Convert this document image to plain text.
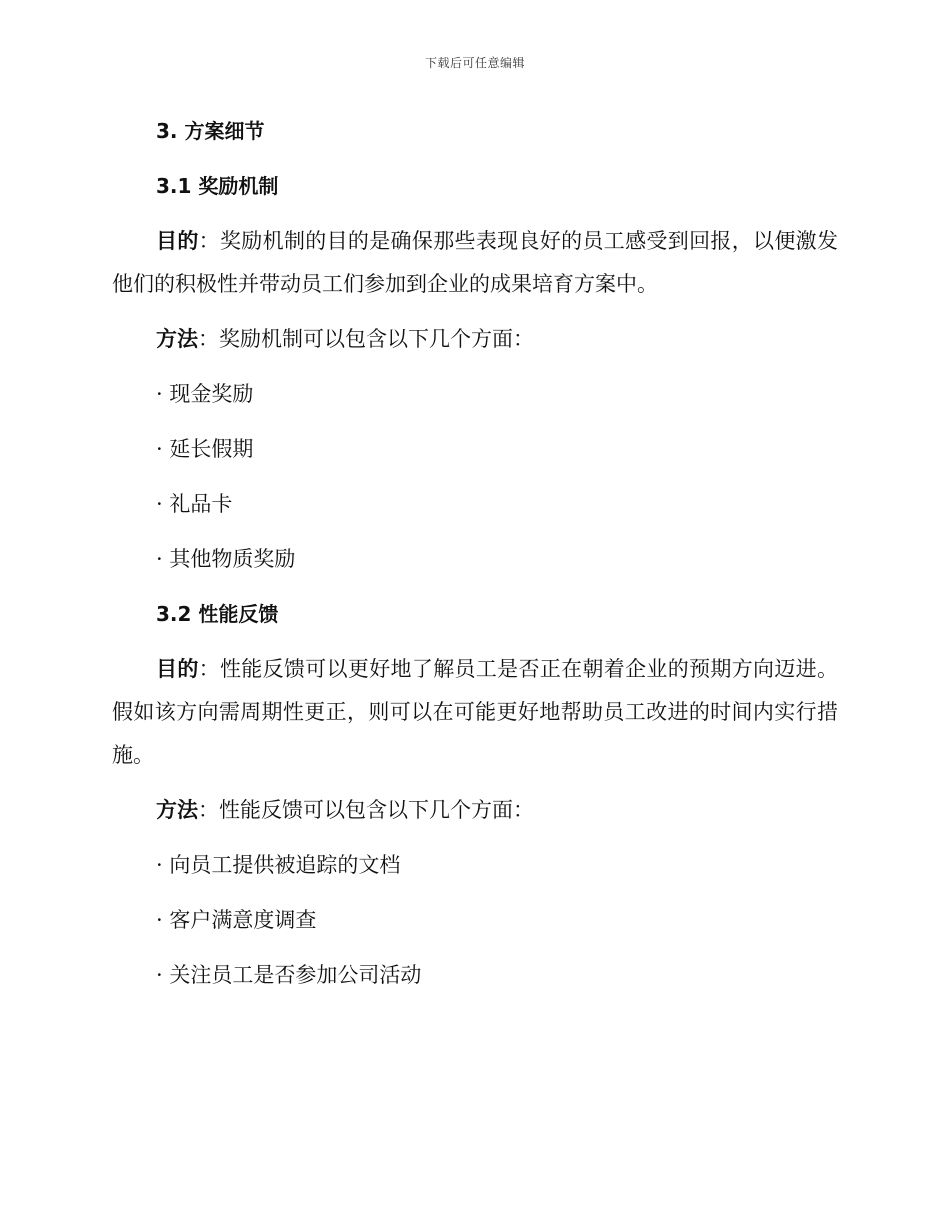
下载后可任意编辑

3. 方案细节

3.1 奖励机制

目的：奖励机制的目的是确保那些表现良好的员工感受到回报，以便激发他们的积极性并带动员工们参加到企业的成果培育方案中。

方法：奖励机制可以包含以下几个方面：

· 现金奖励

· 延长假期

· 礼品卡

· 其他物质奖励

3.2 性能反馈

目的：性能反馈可以更好地了解员工是否正在朝着企业的预期方向迈进。假如该方向需周期性更正，则可以在可能更好地帮助员工改进的时间内实行措施。

方法：性能反馈可以包含以下几个方面：

· 向员工提供被追踪的文档

· 客户满意度调查

· 关注员工是否参加公司活动
